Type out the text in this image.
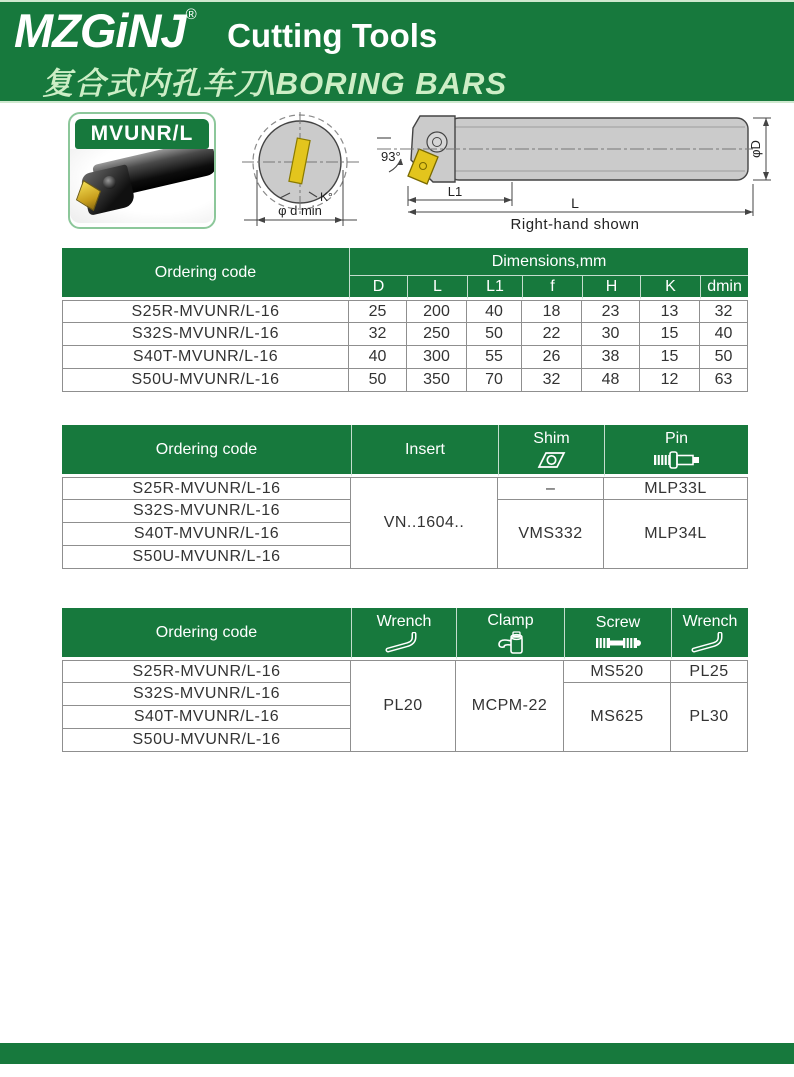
MZGiNJ® Cutting Tools
复合式内孔车刀\BORING BARS
MVUNR/L
K°
φ d min
93°
L1
L
φD
Right-hand shown
Ordering code	Dimensions,mm						
	D	L	L1	f	H	K	dmin
S25R-MVUNR/L-16	25	200	40	18	23	13	32
S32S-MVUNR/L-16	32	250	50	22	30	15	40
S40T-MVUNR/L-16	40	300	55	26	38	15	50
S50U-MVUNR/L-16	50	350	70	32	48	12	63
Ordering code	Insert	Shim	Pin

S25R-MVUNR/L-16	VN..1604..	–	MLP33L
S32S-MVUNR/L-16		VMS332	MLP34L
S40T-MVUNR/L-16			
S50U-MVUNR/L-16			
Ordering code	Wrench	Clamp	Screw	Wrench

S25R-MVUNR/L-16	PL20	MCPM-22	MS520	PL25
S32S-MVUNR/L-16			MS625	PL30
S40T-MVUNR/L-16				
S50U-MVUNR/L-16				
